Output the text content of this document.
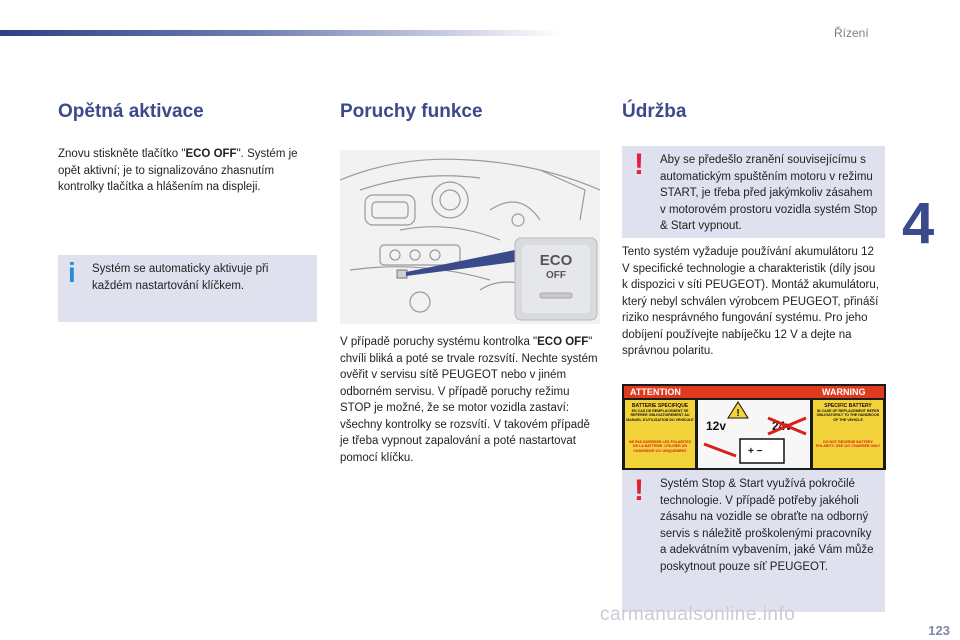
Řízení
4
Opětná aktivace

Znovu stiskněte tlačítko "ECO OFF". Systém je opět aktivní; je to signalizováno zhasnutím kontrolky tlačítka a hlášením na displeji.

i Systém se automaticky aktivuje při každém nastartování klíčkem.
Poruchy funkce
ECO
OFF

V případě poruchy systému kontrolka "ECO OFF" chvíli bliká a poté se trvale rozsvítí. Nechte systém ověřit v servisu sítě PEUGEOT nebo v jiném odborném servisu. V případě poruchy režimu STOP je možné, že se motor vozidla zastaví: všechny kontrolky se rozsvítí. V takovém případě je třeba vypnout zapalování a poté nastartovat pomocí klíčku.

Údržba
! Aby se předešlo zranění souvisejícímu s automatickým spuštěním motoru v režimu START, je třeba před jakýmkoliv zásahem v motorovém prostoru vozidla systém Stop & Start vypnout.
Tento systém vyžaduje používání akumulátoru 12 V specifické technologie a charakteristik (díly jsou k dispozici v síti PEUGEOT). Montáž akumulátoru, který nebyl schválen výrobcem PEUGEOT, přináší riziko nesprávného fungování systému. Pro jeho dobíjení používejte nabíječku 12 V a dejte na správnou polaritu.
ATTENTION	WARNING
BATTERIE SPECIFIQUE
EN CAS DE REMPLACEMENT SE REFERER OBLIGATOIREMENT AU MANUEL D'UTILISATION DU VEHICULE
NE PAS INVERSER LES POLARITES DE LA BATTERIE. UTILISER UN CHARGEUR 12V UNIQUEMENT
!
12v	24v
+ −
SPECIFIC BATTERY
IN CASE OF REPLACEMENT REFER OBLIGATORILY TO THE HANDBOOK OF THE VEHICLE
DO NOT REVERSE BATTERY POLARITY. USE 12V CHARGER ONLY
! Systém Stop & Start využívá pokročilé technologie. V případě potřeby jakéholi zásahu na vozidle se obraťte na odborný servis s náležitě proškolenými pracovníky a adekvátním vybavením, jaké Vám může poskytnout pouze síť PEUGEOT.
carmanualsonline.info
123
